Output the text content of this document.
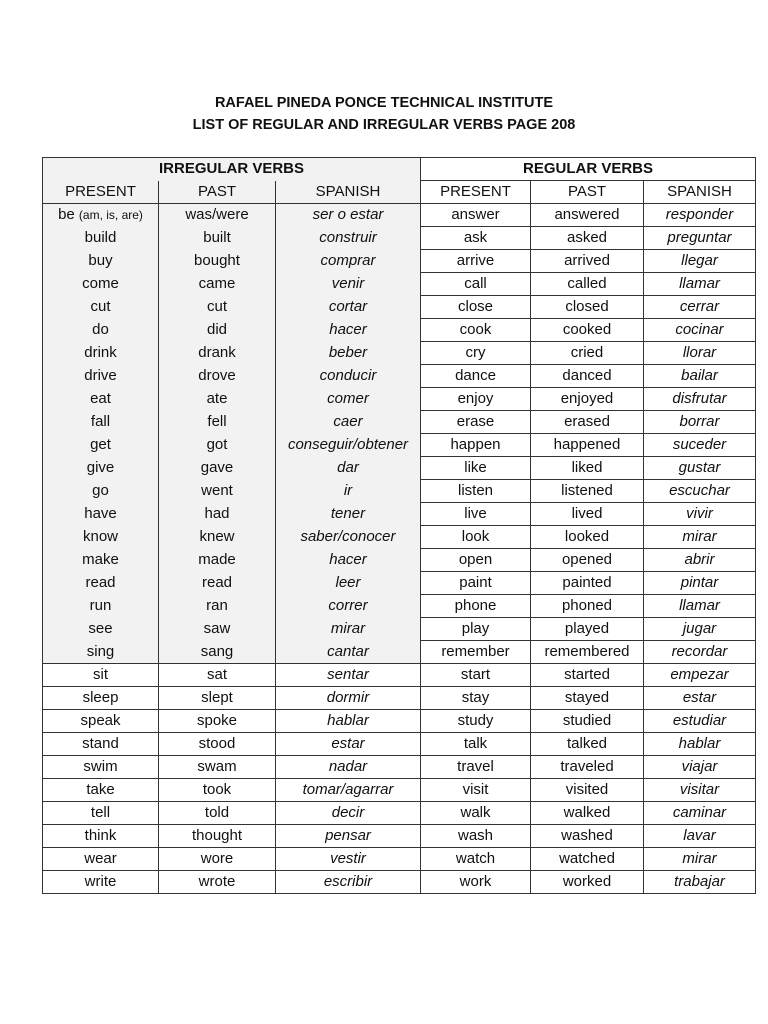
RAFAEL PINEDA PONCE TECHNICAL INSTITUTE
LIST OF REGULAR AND IRREGULAR VERBS PAGE 208
IRREGULAR VERBS			REGULAR VERBS		
PRESENT	PAST	SPANISH	PRESENT	PAST	SPANISH
be (am, is, are)	was/were	ser o estar	answer	answered	responder
build	built	construir	ask	asked	preguntar
buy	bought	comprar	arrive	arrived	llegar
come	came	venir	call	called	llamar
cut	cut	cortar	close	closed	cerrar
do	did	hacer	cook	cooked	cocinar
drink	drank	beber	cry	cried	llorar
drive	drove	conducir	dance	danced	bailar
eat	ate	comer	enjoy	enjoyed	disfrutar
fall	fell	caer	erase	erased	borrar
get	got	conseguir/obtener	happen	happened	suceder
give	gave	dar	like	liked	gustar
go	went	ir	listen	listened	escuchar
have	had	tener	live	lived	vivir
know	knew	saber/conocer	look	looked	mirar
make	made	hacer	open	opened	abrir
read	read	leer	paint	painted	pintar
run	ran	correr	phone	phoned	llamar
see	saw	mirar	play	played	jugar
sing	sang	cantar	remember	remembered	recordar
sit	sat	sentar	start	started	empezar
sleep	slept	dormir	stay	stayed	estar
speak	spoke	hablar	study	studied	estudiar
stand	stood	estar	talk	talked	hablar
swim	swam	nadar	travel	traveled	viajar
take	took	tomar/agarrar	visit	visited	visitar
tell	told	decir	walk	walked	caminar
think	thought	pensar	wash	washed	lavar
wear	wore	vestir	watch	watched	mirar
write	wrote	escribir	work	worked	trabajar
